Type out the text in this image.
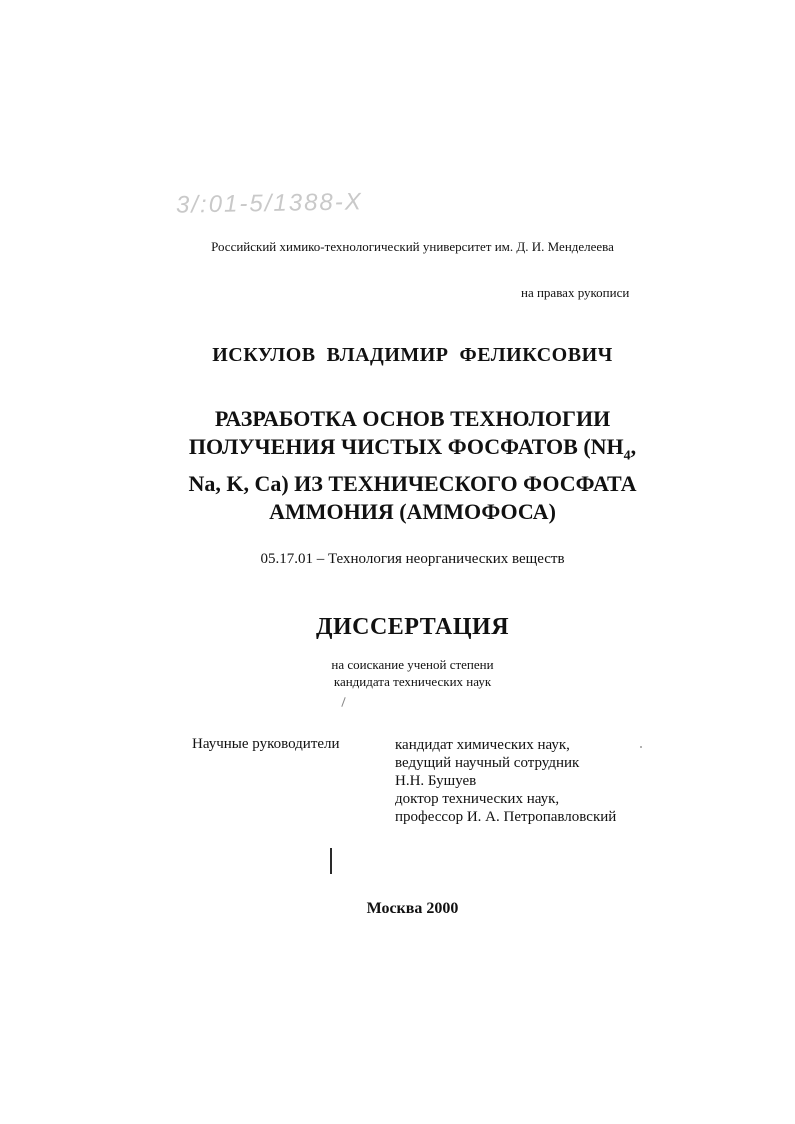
3/:01-5/1388-X
Российский химико-технологический университет им. Д. И. Менделеева
на правах рукописи
ИСКУЛОВ  ВЛАДИМИР  ФЕЛИКСОВИЧ
РАЗРАБОТКА ОСНОВ ТЕХНОЛОГИИ
ПОЛУЧЕНИЯ ЧИСТЫХ ФОСФАТОВ ($NH_4$,
Na, K, Ca) ИЗ ТЕХНИЧЕСКОГО ФОСФАТА
АММОНИЯ (АММОФОСА)
05.17.01 – Технология неорганических веществ
ДИССЕРТАЦИЯ
на соискание ученой степени
кандидата технических наук
Научные руководители	кандидат химических наук,
ведущий научный сотрудник
Н.Н. Бушуев
доктор технических наук,
профессор И. А. Петропавловский
Москва 2000
